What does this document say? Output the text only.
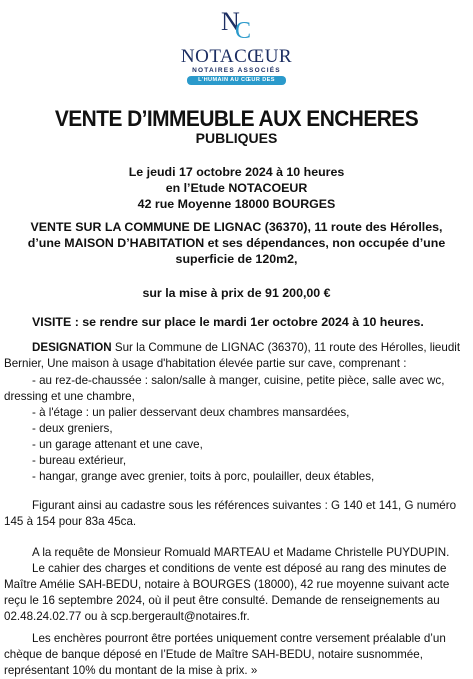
N
C
NOTACŒUR
NOTAIRES ASSOCIÉS
L'HUMAIN AU CŒUR DES ACTES
VENTE D’IMMEUBLE AUX ENCHERES
PUBLIQUES
Le jeudi 17 octobre 2024 à 10 heures
en l’Etude NOTACOEUR
42 rue Moyenne 18000 BOURGES
VENTE SUR LA COMMUNE DE LIGNAC (36370), 11 route des Hérolles,
d’une MAISON D’HABITATION et ses dépendances, non occupée d’une
superficie de 120m2,
sur la mise à prix de 91 200,00 €
VISITE : se rendre sur place le mardi 1er octobre 2024 à 10 heures.
DESIGNATION Sur la Commune de LIGNAC (36370), 11 route des Hérolles, lieudit
Bernier, Une maison à usage d'habitation élevée partie sur cave, comprenant :
- au rez-de-chaussée : salon/salle à manger, cuisine, petite pièce, salle avec wc,
dressing et une chambre,
- à l'étage : un palier desservant deux chambres mansardées,
- deux greniers,
- un garage attenant et une cave,
- bureau extérieur,
- hangar, grange avec grenier, toits à porc, poulailler, deux étables,
Figurant ainsi au cadastre sous les références suivantes : G 140 et 141, G numéro
145 à 154 pour 83a 45ca.
A la requête de Monsieur Romuald MARTEAU et Madame Christelle PUYDUPIN.
Le cahier des charges et conditions de vente est déposé au rang des minutes de
Maître Amélie SAH-BEDU, notaire à BOURGES (18000), 42 rue moyenne suivant acte
reçu le 16 septembre 2024, où il peut être consulté. Demande de renseignements au
02.48.24.02.77 ou à scp.bergerault@notaires.fr.
Les enchères pourront être portées uniquement contre versement préalable d’un
chèque de banque déposé en l’Etude de Maître SAH-BEDU, notaire susnommée,
représentant 10% du montant de la mise à prix. »
